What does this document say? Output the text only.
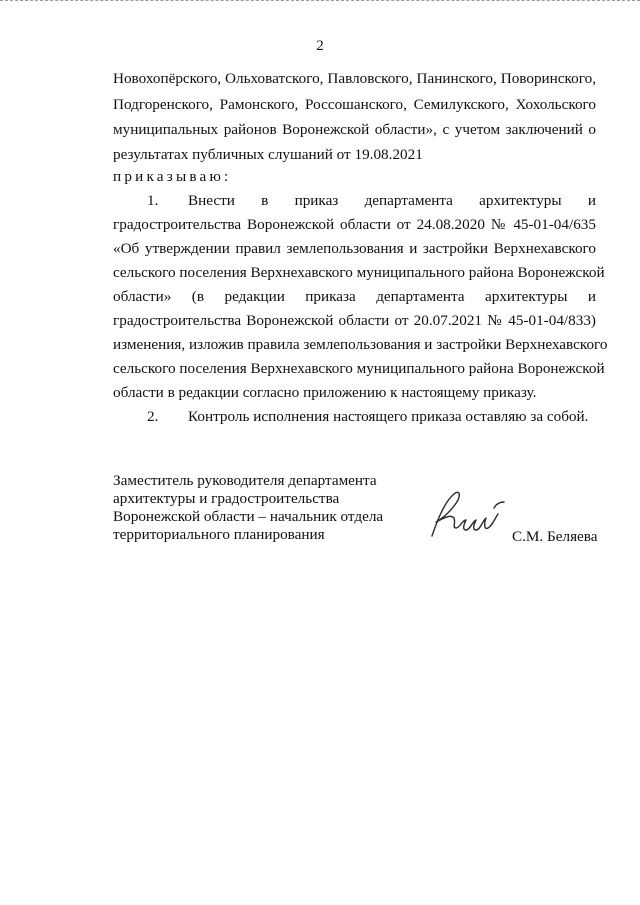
2
Новохопёрского, Ольховатского, Павловского, Панинского, Поворинского,
Подгоренского, Рамонского, Россошанского, Семилукского, Хохольского
муниципальных районов Воронежской области», с учетом заключений о
результатах публичных слушаний от 19.08.2021
приказываю:
1. Внести в приказ департамента архитектуры и
градостроительства Воронежской области от 24.08.2020 № 45-01-04/635
«Об утверждении правил землепользования и застройки Верхнехавского
сельского поселения Верхнехавского муниципального района Воронежской
области» (в редакции приказа департамента архитектуры и
градостроительства Воронежской области от 20.07.2021 № 45-01-04/833)
изменения, изложив правила землепользования и застройки Верхнехавского
сельского поселения Верхнехавского муниципального района Воронежской
области в редакции согласно приложению к настоящему приказу.
2. Контроль исполнения настоящего приказа оставляю за собой.
Заместитель руководителя департамента
архитектуры и градостроительства
Воронежской области – начальник отдела
территориального планирования	С.М. Беляева
